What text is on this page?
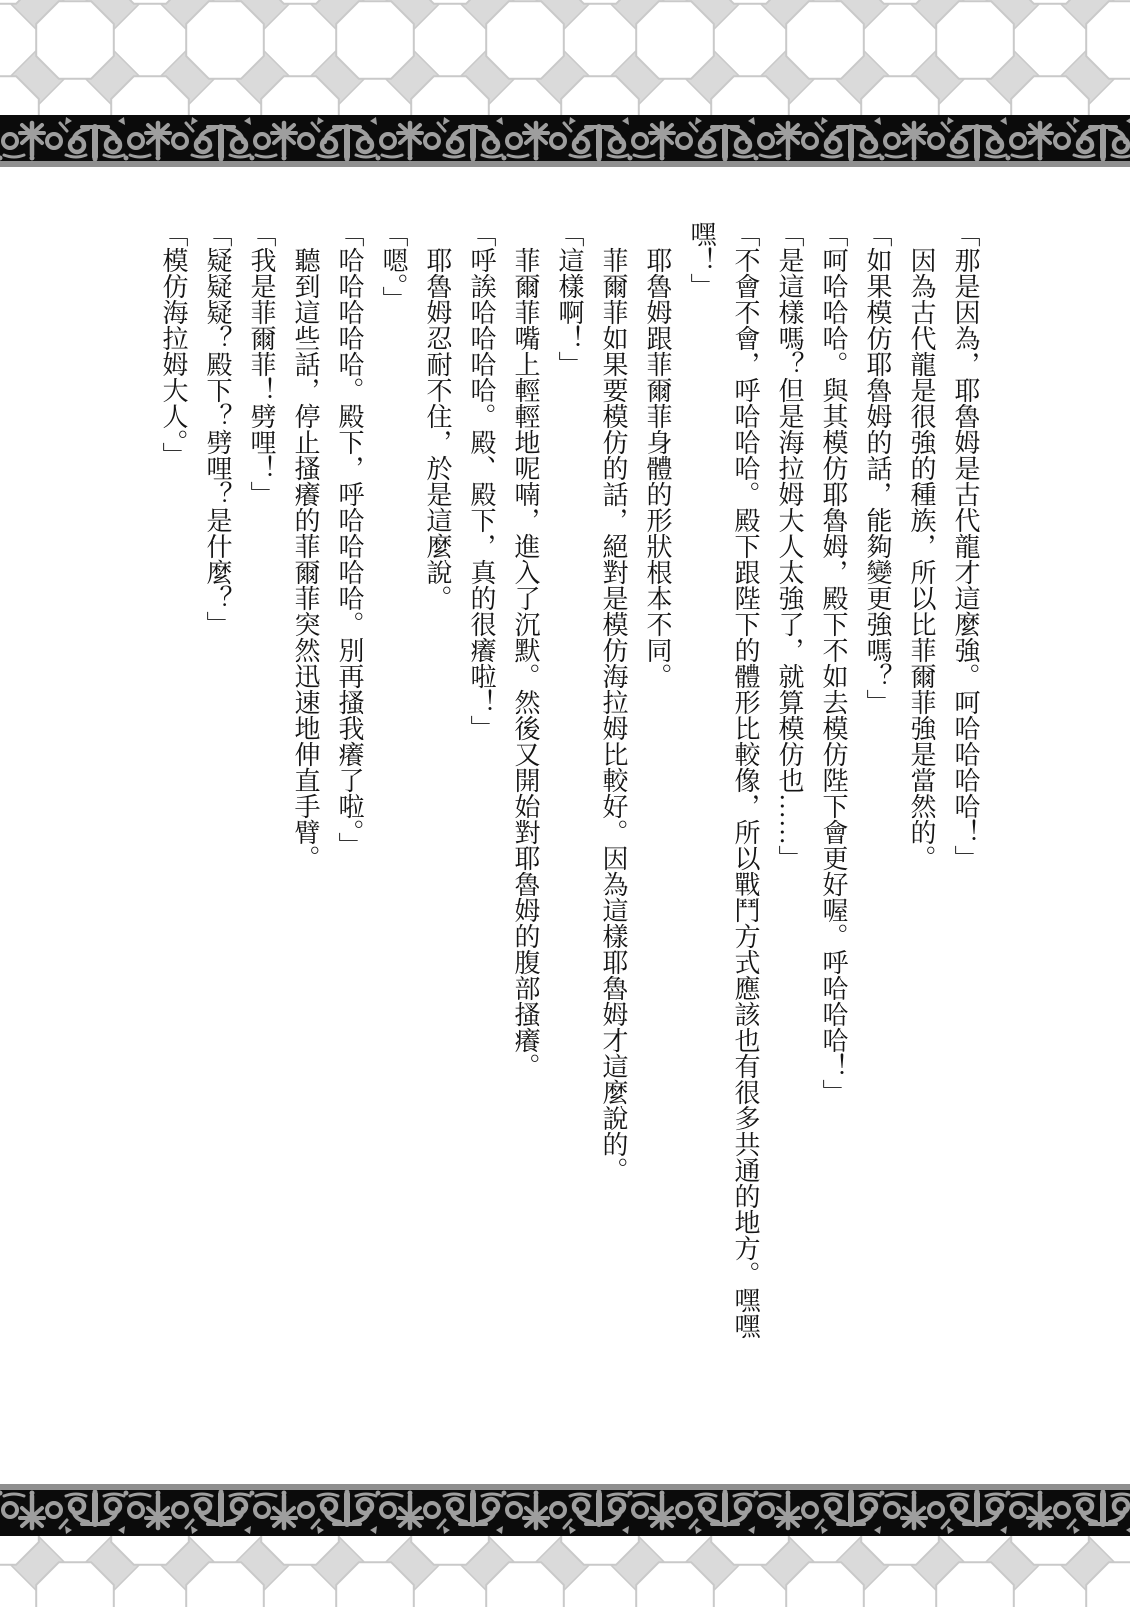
「那是因為，耶魯姆是古代龍才這麼強。呵哈哈哈哈！」

因為古代龍是很強的種族，所以比菲爾菲強是當然的。

「如果模仿耶魯姆的話，能夠變更強嗎？」

「呵哈哈哈。與其模仿耶魯姆，殿下不如去模仿陛下會更好喔。呼哈哈哈！」

「是這樣嗎？但是海拉姆大人太強了，就算模仿也……」

「不會不會，呼哈哈哈。殿下跟陛下的體形比較像，所以戰鬥方式應該也有很多共通的地方。嘿嘿嘿！」

耶魯姆跟菲爾菲身體的形狀根本不同。

菲爾菲如果要模仿的話，絕對是模仿海拉姆比較好。因為這樣耶魯姆才這麼說的。

「這樣啊！」

菲爾菲嘴上輕輕地呢喃，進入了沉默。然後又開始對耶魯姆的腹部搔癢。

「呼誒哈哈哈哈。殿、殿下，真的很癢啦！」

耶魯姆忍耐不住，於是這麼說。

「嗯。」

「哈哈哈哈哈。殿下，呼哈哈哈哈。別再搔我癢了啦。」

聽到這些話，停止搔癢的菲爾菲突然迅速地伸直手臂。

「我是菲爾菲！劈哩！」

「疑疑疑？殿下？劈哩？是什麼？」

「模仿海拉姆大人。」
